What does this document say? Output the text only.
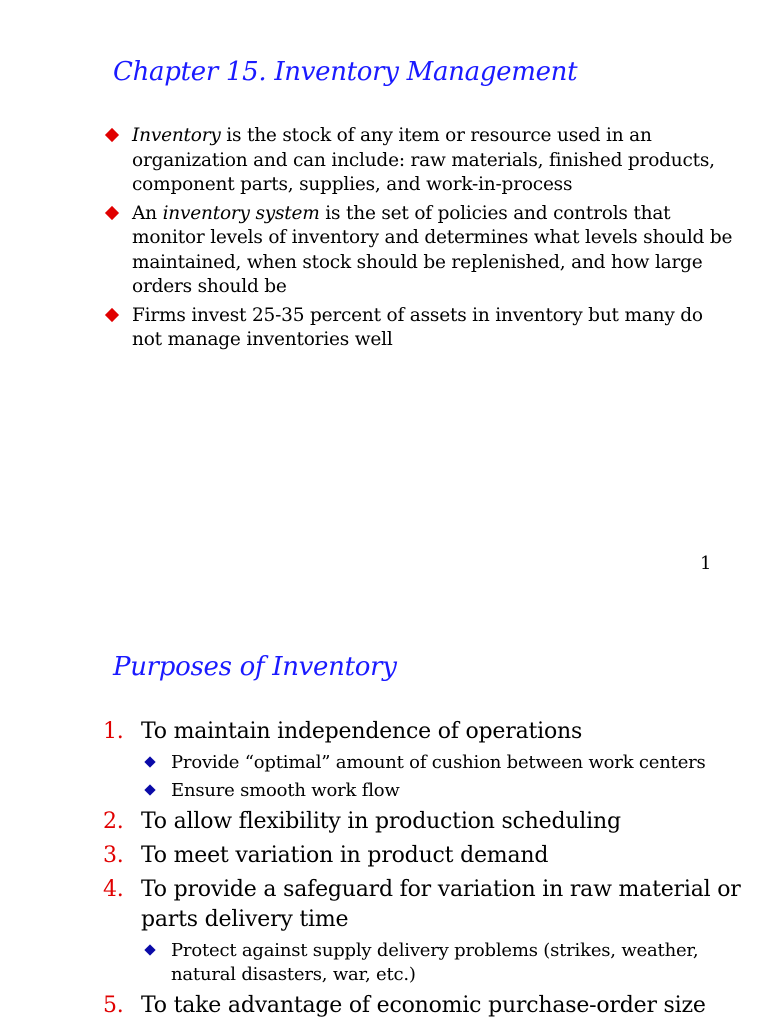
Chapter 15. Inventory Management
Inventory is the stock of any item or resource used in an organization and can include: raw materials, finished products, component parts, supplies, and work-in-process
An inventory system is the set of policies and controls that monitor levels of inventory and determines what levels should be maintained, when stock should be replenished, and how large orders should be
Firms invest 25-35 percent of assets in inventory but many do not manage inventories well
1
Purposes of Inventory
1. To maintain independence of operations
Provide “optimal” amount of cushion between work centers
Ensure smooth work flow
2. To allow flexibility in production scheduling
3. To meet variation in product demand
4. To provide a safeguard for variation in raw material or parts delivery time
Protect against supply delivery problems (strikes, weather, natural disasters, war, etc.)
5. To take advantage of economic purchase-order size
